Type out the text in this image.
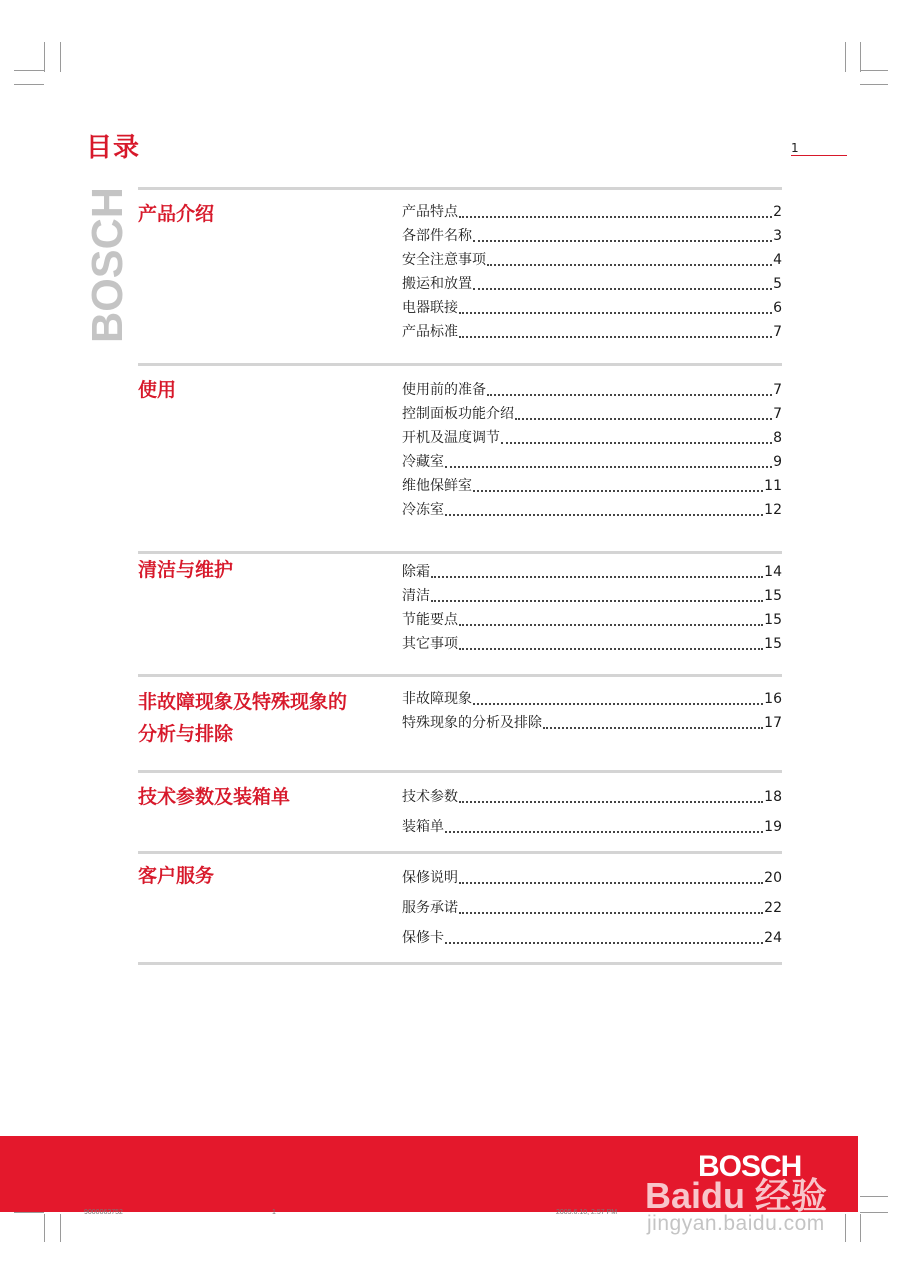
目录	1
BOSCH 产品介绍	产品特点	2
各部件名称	3
安全注意事项	4
搬运和放置	5
电器联接	6
产品标准	7
使用	使用前的准备	7
控制面板功能介绍	7
开机及温度调节	8
冷藏室	9
维他保鲜室	11
冷冻室	12
清洁与维护	除霜	14
清洁	15
节能要点	15
其它事项	15
非故障现象及特殊现象的
分析与排除
非故障现象	16
特殊现象的分析及排除	17
技术参数及装箱单	技术参数	18
装箱单	19
客户服务	保修说明	20
服务承诺	22
保修卡	24
BOSCH
Baidu 经验
jingyan.baidu.com
9000063752	1	2005.6.10, 2:57 PM
